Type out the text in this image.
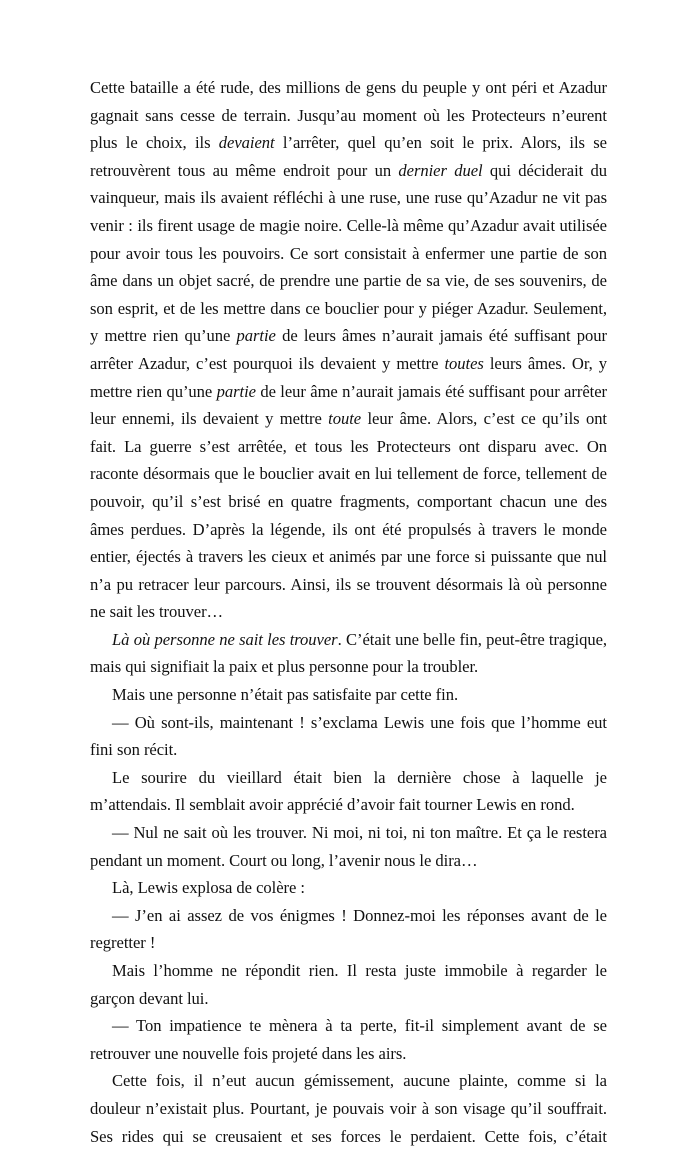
Cette bataille a été rude, des millions de gens du peuple y ont péri et Azadur gagnait sans cesse de terrain. Jusqu’au moment où les Protecteurs n’eurent plus le choix, ils devaient l’arrêter, quel qu’en soit le prix. Alors, ils se retrouvèrent tous au même endroit pour un dernier duel qui déciderait du vainqueur, mais ils avaient réfléchi à une ruse, une ruse qu’Azadur ne vit pas venir : ils firent usage de magie noire. Celle-là même qu’Azadur avait utilisée pour avoir tous les pouvoirs. Ce sort consistait à enfermer une partie de son âme dans un objet sacré, de prendre une partie de sa vie, de ses souvenirs, de son esprit, et de les mettre dans ce bouclier pour y piéger Azadur. Seulement, y mettre rien qu’une partie de leurs âmes n’aurait jamais été suffisant pour arrêter Azadur, c’est pourquoi ils devaient y mettre toutes leurs âmes. Or, y mettre rien qu’une partie de leur âme n’aurait jamais été suffisant pour arrêter leur ennemi, ils devaient y mettre toute leur âme. Alors, c’est ce qu’ils ont fait. La guerre s’est arrêtée, et tous les Protecteurs ont disparu avec. On raconte désormais que le bouclier avait en lui tellement de force, tellement de pouvoir, qu’il s’est brisé en quatre fragments, comportant chacun une des âmes perdues. D’après la légende, ils ont été propulsés à travers le monde entier, éjectés à travers les cieux et animés par une force si puissante que nul n’a pu retracer leur parcours. Ainsi, ils se trouvent désormais là où personne ne sait les trouver…

Là où personne ne sait les trouver. C’était une belle fin, peut-être tragique, mais qui signifiait la paix et plus personne pour la troubler.

Mais une personne n’était pas satisfaite par cette fin.

— Où sont-ils, maintenant ! s’exclama Lewis une fois que l’homme eut fini son récit.

Le sourire du vieillard était bien la dernière chose à laquelle je m’attendais. Il semblait avoir apprécié d’avoir fait tourner Lewis en rond.

— Nul ne sait où les trouver. Ni moi, ni toi, ni ton maître. Et ça le restera pendant un moment. Court ou long, l’avenir nous le dira…

Là, Lewis explosa de colère :

— J’en ai assez de vos énigmes ! Donnez-moi les réponses avant de le regretter !

Mais l’homme ne répondit rien. Il resta juste immobile à regarder le garçon devant lui.

— Ton impatience te mènera à ta perte, fit-il simplement avant de se retrouver une nouvelle fois projeté dans les airs.

Cette fois, il n’eut aucun gémissement, aucune plainte, comme si la douleur n’existait plus. Pourtant, je pouvais voir à son visage qu’il souffrait. Ses rides qui se creusaient et ses forces le perdaient. Cette fois, c’était
